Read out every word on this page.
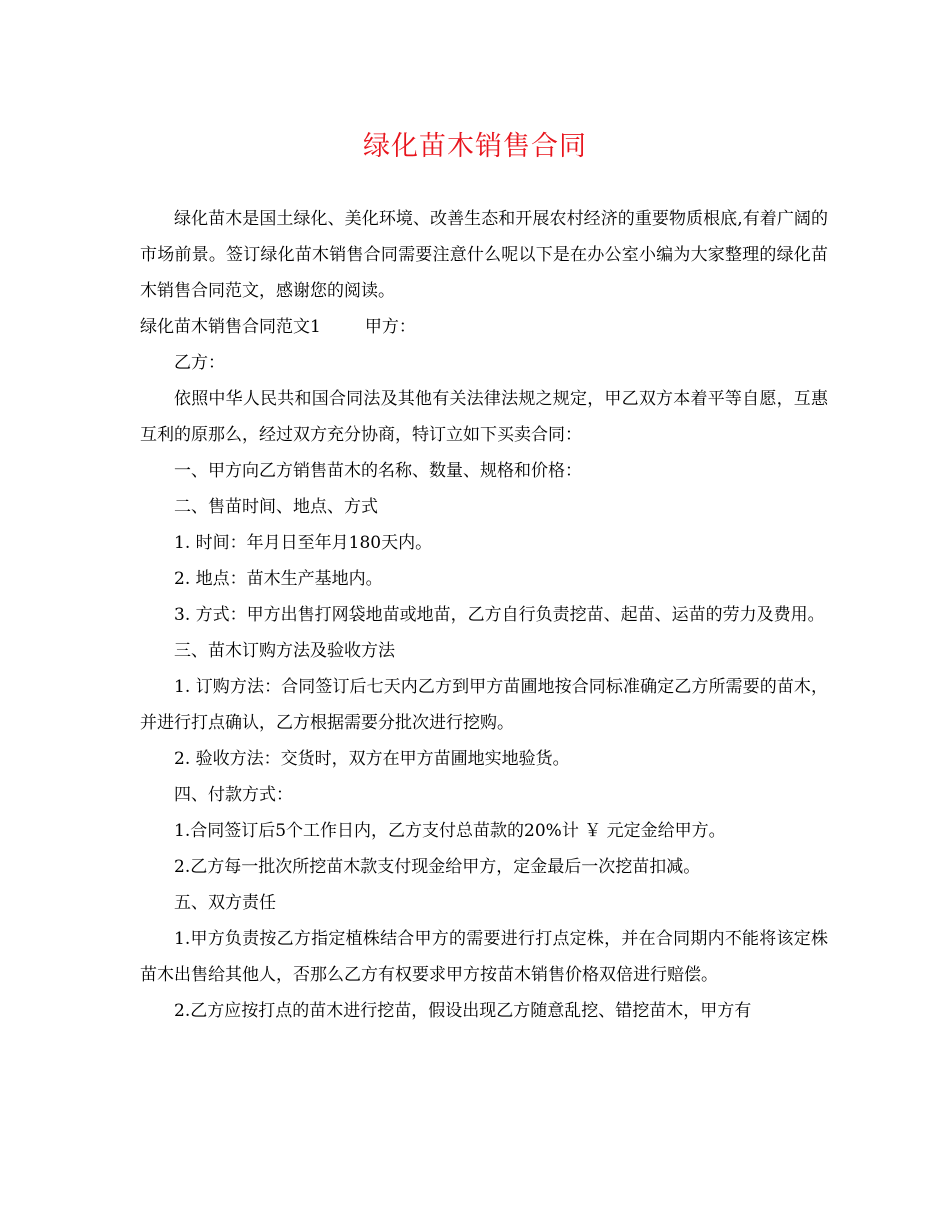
绿化苗木销售合同

绿化苗木是国土绿化、美化环境、改善生态和开展农村经济的重要物质根底,有着广阔的市场前景。签订绿化苗木销售合同需要注意什么呢以下是在办公室小编为大家整理的绿化苗木销售合同范文，感谢您的阅读。

绿化苗木销售合同范文1	甲方：

乙方：

依照中华人民共和国合同法及其他有关法律法规之规定，甲乙双方本着平等自愿，互惠互利的原那么，经过双方充分协商，特订立如下买卖合同：

一、甲方向乙方销售苗木的名称、数量、规格和价格：

二、售苗时间、地点、方式

1. 时间：年月日至年月180天内。

2. 地点：苗木生产基地内。

3. 方式：甲方出售打网袋地苗或地苗，乙方自行负责挖苗、起苗、运苗的劳力及费用。

三、苗木订购方法及验收方法

1. 订购方法：合同签订后七天内乙方到甲方苗圃地按合同标准确定乙方所需要的苗木，并进行打点确认，乙方根据需要分批次进行挖购。

2. 验收方法：交货时，双方在甲方苗圃地实地验货。

四、付款方式：

1.合同签订后5个工作日内，乙方支付总苗款的20%计 ￥ 元定金给甲方。

2.乙方每一批次所挖苗木款支付现金给甲方，定金最后一次挖苗扣减。

五、双方责任

1.甲方负责按乙方指定植株结合甲方的需要进行打点定株，并在合同期内不能将该定株苗木出售给其他人，否那么乙方有权要求甲方按苗木销售价格双倍进行赔偿。

2.乙方应按打点的苗木进行挖苗，假设出现乙方随意乱挖、错挖苗木，甲方有
